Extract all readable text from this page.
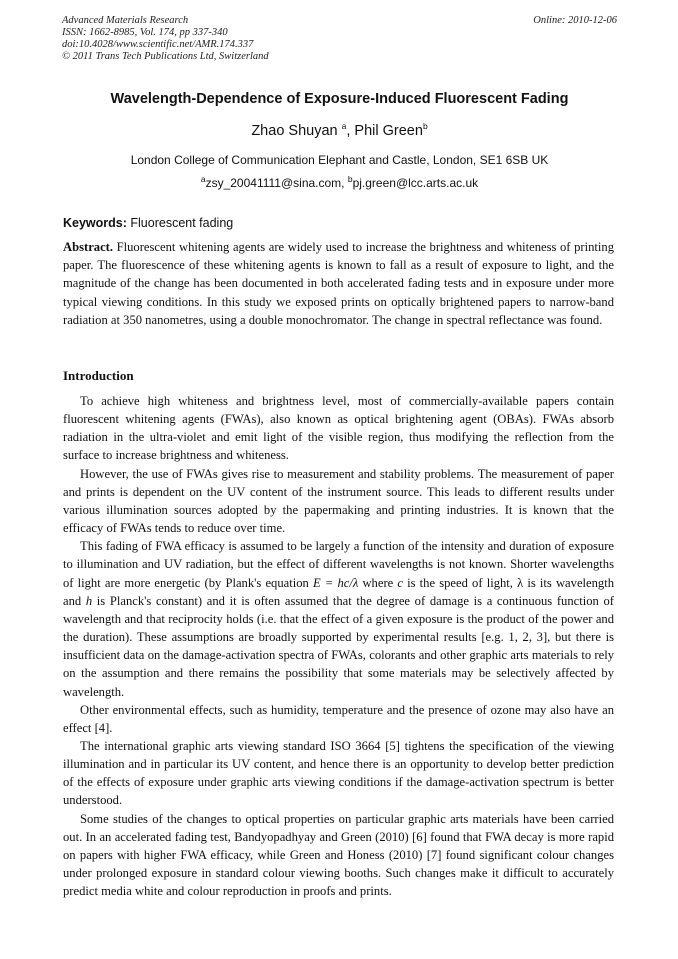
Advanced Materials Research
ISSN: 1662-8985, Vol. 174, pp 337-340
doi:10.4028/www.scientific.net/AMR.174.337
© 2011 Trans Tech Publications Ltd, Switzerland
Online: 2010-12-06
Wavelength-Dependence of Exposure-Induced Fluorescent Fading
Zhao Shuyan $^a$, Phil Green$^b$
London College of Communication Elephant and Castle, London, SE1 6SB UK
$^a$zsy_20041111@sina.com, $^b$pj.green@lcc.arts.ac.uk
Keywords: Fluorescent fading

Abstract. Fluorescent whitening agents are widely used to increase the brightness and whiteness of printing paper. The fluorescence of these whitening agents is known to fall as a result of exposure to light, and the magnitude of the change has been documented in both accelerated fading tests and in exposure under more typical viewing conditions. In this study we exposed prints on optically brightened papers to narrow-band radiation at 350 nanometres, using a double monochromator. The change in spectral reflectance was found.

Introduction

To achieve high whiteness and brightness level, most of commercially-available papers contain fluorescent whitening agents (FWAs), also known as optical brightening agent (OBAs). FWAs absorb radiation in the ultra-violet and emit light of the visible region, thus modifying the reflection from the surface to increase brightness and whiteness.

However, the use of FWAs gives rise to measurement and stability problems. The measurement of paper and prints is dependent on the UV content of the instrument source. This leads to different results under various illumination sources adopted by the papermaking and printing industries. It is known that the efficacy of FWAs tends to reduce over time.

This fading of FWA efficacy is assumed to be largely a function of the intensity and duration of exposure to illumination and UV radiation, but the effect of different wavelengths is not known. Shorter wavelengths of light are more energetic (by Plank's equation E = hc/λ where c is the speed of light, λ is its wavelength and h is Planck's constant) and it is often assumed that the degree of damage is a continuous function of wavelength and that reciprocity holds (i.e. that the effect of a given exposure is the product of the power and the duration). These assumptions are broadly supported by experimental results [e.g. 1, 2, 3], but there is insufficient data on the damage-activation spectra of FWAs, colorants and other graphic arts materials to rely on the assumption and there remains the possibility that some materials may be selectively affected by wavelength.

Other environmental effects, such as humidity, temperature and the presence of ozone may also have an effect [4].

The international graphic arts viewing standard ISO 3664 [5] tightens the specification of the viewing illumination and in particular its UV content, and hence there is an opportunity to develop better prediction of the effects of exposure under graphic arts viewing conditions if the damage-activation spectrum is better understood.

Some studies of the changes to optical properties on particular graphic arts materials have been carried out. In an accelerated fading test, Bandyopadhyay and Green (2010) [6] found that FWA decay is more rapid on papers with higher FWA efficacy, while Green and Honess (2010) [7] found significant colour changes under prolonged exposure in standard colour viewing booths. Such changes make it difficult to accurately predict media white and colour reproduction in proofs and prints.
